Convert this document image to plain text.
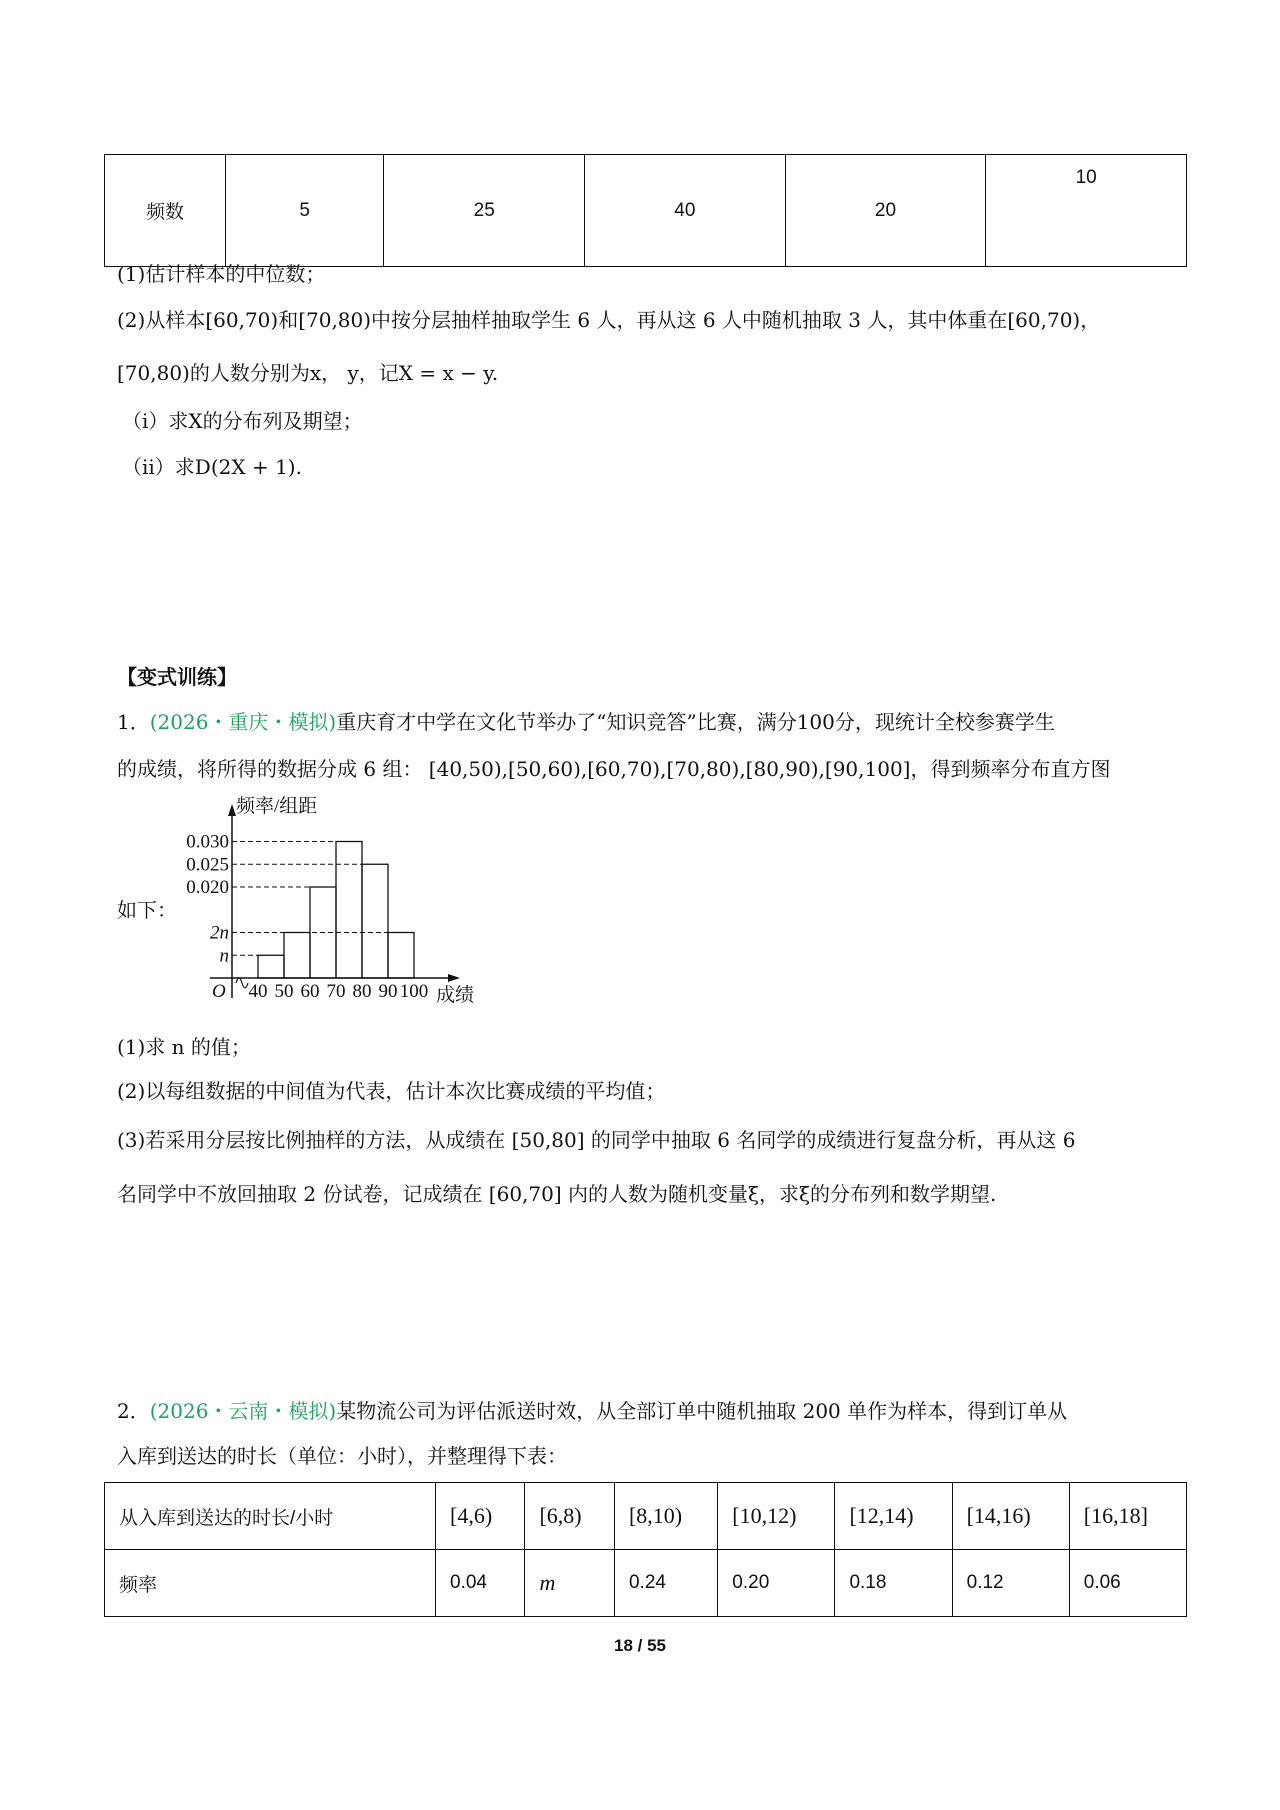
频数	5	25	40	20	10
(1)估计样本的中位数；
(2)从样本[60,70)和[70,80)中按分层抽样抽取学生 6 人，再从这 6 人中随机抽取 3 人，其中体重在[60,70)，
[70,80)的人数分别为x， y，记X = x − y.
（i）求X的分布列及期望；
（ii）求D(2X + 1).
【变式训练】
1．(2026・重庆・模拟)重庆育才中学在文化节举办了“知识竞答”比赛，满分100分，现统计全校参赛学生
的成绩，将所得的数据分成 6 组： [40,50),[50,60),[60,70),[70,80),[80,90),[90,100]，得到频率分布直方图
如下：
频率/组距
成绩
O
n
2n
0.020
0.025
0.030
40 50 60 70 80 90 100
(1)求 n 的值；
(2)以每组数据的中间值为代表，估计本次比赛成绩的平均值；
(3)若采用分层按比例抽样的方法，从成绩在 [50,80] 的同学中抽取 6 名同学的成绩进行复盘分析，再从这 6
名同学中不放回抽取 2 份试卷，记成绩在 [60,70] 内的人数为随机变量ξ，求ξ的分布列和数学期望.
2．(2026・云南・模拟)某物流公司为评估派送时效，从全部订单中随机抽取 200 单作为样本，得到订单从
入库到送达的时长（单位：小时），并整理得下表：
从入库到送达的时长/小时	[4,6)	[6,8)	[8,10)	[10,12)	[12,14)	[14,16)	[16,18]
频率	0.04	m	0.24	0.20	0.18	0.12	0.06
18 / 55
